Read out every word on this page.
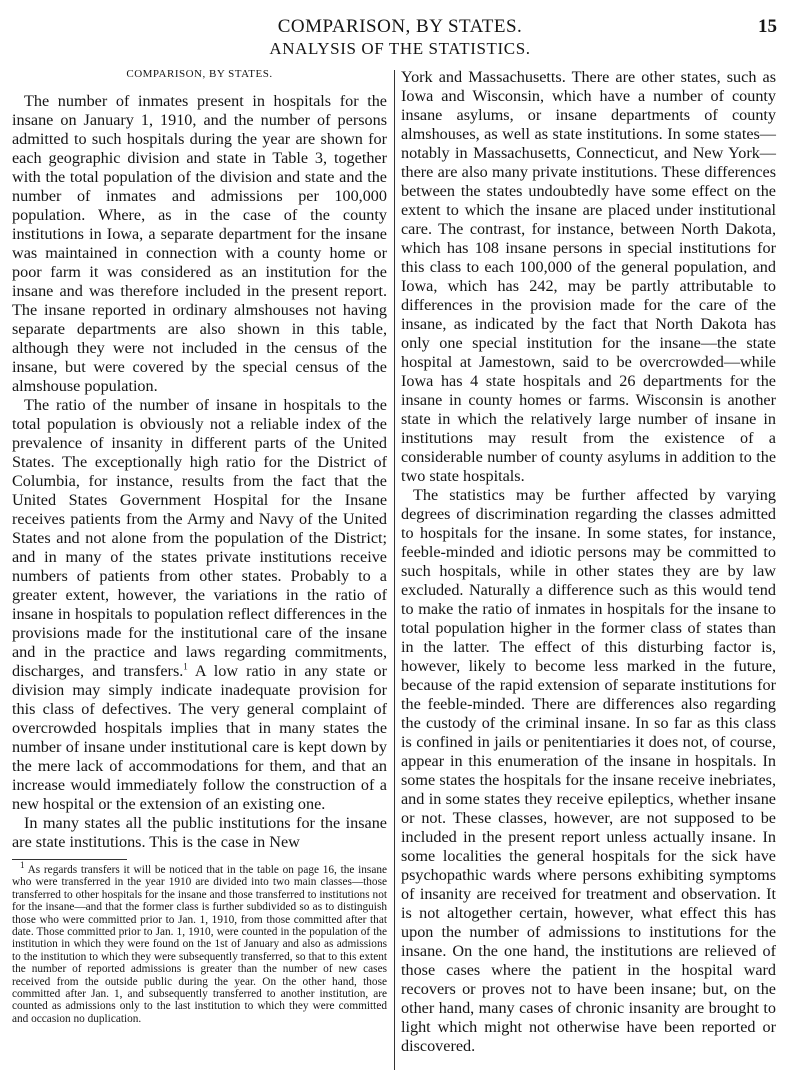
COMPARISON, BY STATES.	15
ANALYSIS OF THE STATISTICS.
COMPARISON, BY STATES.

The number of inmates present in hospitals for the insane on January 1, 1910, and the number of persons admitted to such hospitals during the year are shown for each geographic division and state in Table 3, together with the total population of the division and state and the number of inmates and admissions per 100,000 population. Where, as in the case of the county institutions in Iowa, a separate department for the insane was maintained in connection with a county home or poor farm it was considered as an institution for the insane and was therefore included in the present report. The insane reported in ordinary almshouses not having separate departments are also shown in this table, although they were not included in the census of the insane, but were covered by the special census of the almshouse population.

The ratio of the number of insane in hospitals to the total population is obviously not a reliable index of the prevalence of insanity in different parts of the United States. The exceptionally high ratio for the District of Columbia, for instance, results from the fact that the United States Government Hospital for the Insane receives patients from the Army and Navy of the United States and not alone from the population of the District; and in many of the states private institutions receive numbers of patients from other states. Probably to a greater extent, however, the variations in the ratio of insane in hospitals to population reflect differences in the provisions made for the institutional care of the insane and in the practice and laws regarding commitments, discharges, and transfers.$^1$ A low ratio in any state or division may simply indicate inadequate provision for this class of defectives. The very general complaint of overcrowded hospitals implies that in many states the number of insane under institutional care is kept down by the mere lack of accommodations for them, and that an increase would immediately follow the construction of a new hospital or the extension of an existing one.

In many states all the public institutions for the insane are state institutions. This is the case in New

$^1$ As regards transfers it will be noticed that in the table on page 16, the insane who were transferred in the year 1910 are divided into two main classes—those transferred to other hospitals for the insane and those transferred to institutions not for the insane—and that the former class is further subdivided so as to distinguish those who were committed prior to Jan. 1, 1910, from those committed after that date. Those committed prior to Jan. 1, 1910, were counted in the population of the institution in which they were found on the 1st of January and also as admissions to the institution to which they were subsequently transferred, so that to this extent the number of reported admissions is greater than the number of new cases received from the outside public during the year. On the other hand, those committed after Jan. 1, and subsequently transferred to another institution, are counted as admissions only to the last institution to which they were committed and occasion no duplication.

York and Massachusetts. There are other states, such as Iowa and Wisconsin, which have a number of county insane asylums, or insane departments of county almshouses, as well as state institutions. In some states—notably in Massachusetts, Connecticut, and New York—there are also many private institutions. These differences between the states undoubtedly have some effect on the extent to which the insane are placed under institutional care. The contrast, for instance, between North Dakota, which has 108 insane persons in special institutions for this class to each 100,000 of the general population, and Iowa, which has 242, may be partly attributable to differences in the provision made for the care of the insane, as indicated by the fact that North Dakota has only one special institution for the insane—the state hospital at Jamestown, said to be overcrowded—while Iowa has 4 state hospitals and 26 departments for the insane in county homes or farms. Wisconsin is another state in which the relatively large number of insane in institutions may result from the existence of a considerable number of county asylums in addition to the two state hospitals.

The statistics may be further affected by varying degrees of discrimination regarding the classes admitted to hospitals for the insane. In some states, for instance, feeble-minded and idiotic persons may be committed to such hospitals, while in other states they are by law excluded. Naturally a difference such as this would tend to make the ratio of inmates in hospitals for the insane to total population higher in the former class of states than in the latter. The effect of this disturbing factor is, however, likely to become less marked in the future, because of the rapid extension of separate institutions for the feeble-minded. There are differences also regarding the custody of the criminal insane. In so far as this class is confined in jails or penitentiaries it does not, of course, appear in this enumeration of the insane in hospitals. In some states the hospitals for the insane receive inebriates, and in some states they receive epileptics, whether insane or not. These classes, however, are not supposed to be included in the present report unless actually insane. In some localities the general hospitals for the sick have psychopathic wards where persons exhibiting symptoms of insanity are received for treatment and observation. It is not altogether certain, however, what effect this has upon the number of admissions to institutions for the insane. On the one hand, the institutions are relieved of those cases where the patient in the hospital ward recovers or proves not to have been insane; but, on the other hand, many cases of chronic insanity are brought to light which might not otherwise have been reported or discovered.
